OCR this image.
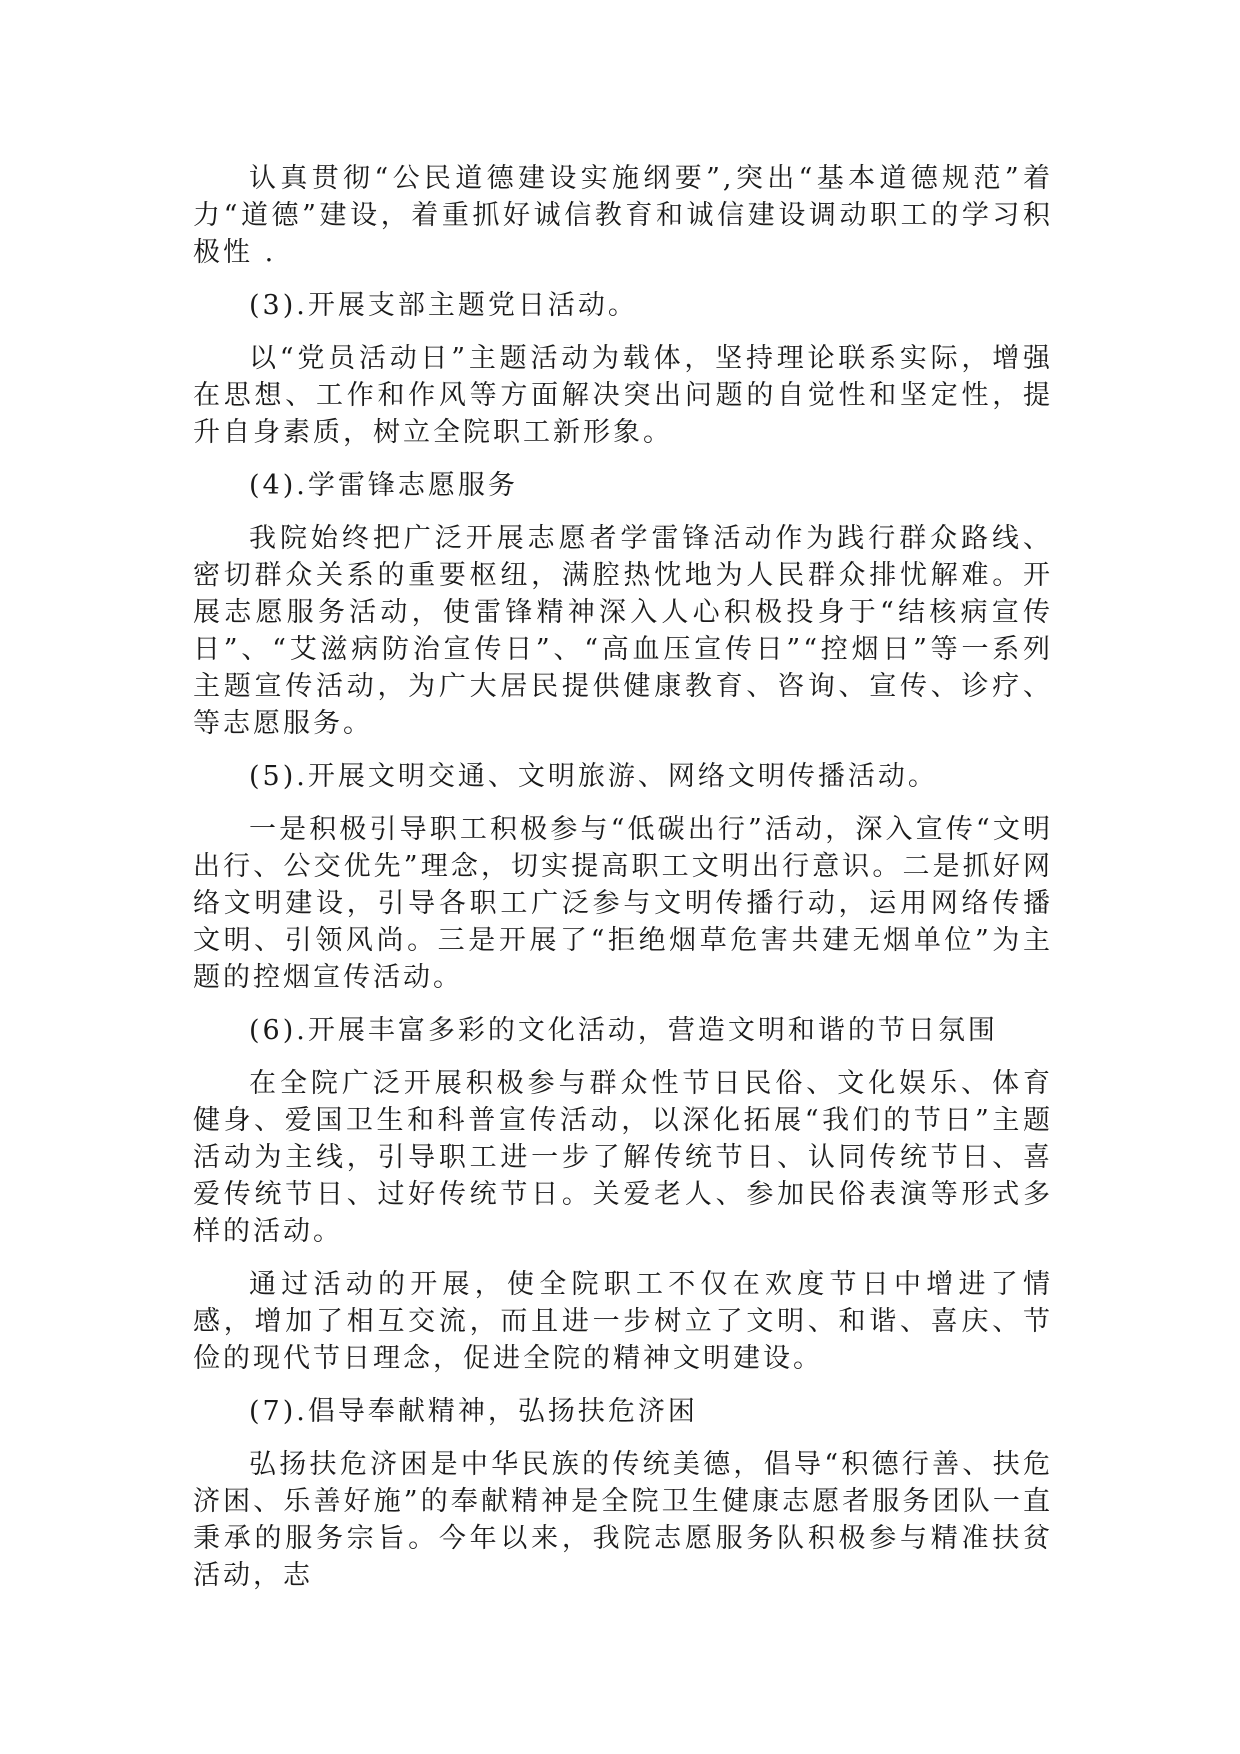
认真贯彻“公民道德建设实施纲要”,突出“基本道德规范”着力“道德”建设，着重抓好诚信教育和诚信建设调动职工的学习积极性 .

(3).开展支部主题党日活动。

以“党员活动日”主题活动为载体，坚持理论联系实际，增强在思想、工作和作风等方面解决突出问题的自觉性和坚定性，提升自身素质，树立全院职工新形象。

(4).学雷锋志愿服务

我院始终把广泛开展志愿者学雷锋活动作为践行群众路线、密切群众关系的重要枢纽，满腔热忱地为人民群众排忧解难。开展志愿服务活动，使雷锋精神深入人心积极投身于“结核病宣传日”、“艾滋病防治宣传日”、“高血压宣传日”“控烟日”等一系列主题宣传活动，为广大居民提供健康教育、咨询、宣传、诊疗、等志愿服务。

(5).开展文明交通、文明旅游、网络文明传播活动。

一是积极引导职工积极参与“低碳出行”活动，深入宣传“文明出行、公交优先”理念，切实提高职工文明出行意识。二是抓好网络文明建设，引导各职工广泛参与文明传播行动，运用网络传播文明、引领风尚。三是开展了“拒绝烟草危害共建无烟单位”为主题的控烟宣传活动。

(6).开展丰富多彩的文化活动，营造文明和谐的节日氛围

在全院广泛开展积极参与群众性节日民俗、文化娱乐、体育健身、爱国卫生和科普宣传活动，以深化拓展“我们的节日”主题活动为主线，引导职工进一步了解传统节日、认同传统节日、喜爱传统节日、过好传统节日。关爱老人、参加民俗表演等形式多样的活动。

通过活动的开展，使全院职工不仅在欢度节日中增进了情感，增加了相互交流，而且进一步树立了文明、和谐、喜庆、节俭的现代节日理念，促进全院的精神文明建设。

(7).倡导奉献精神，弘扬扶危济困

弘扬扶危济困是中华民族的传统美德，倡导“积德行善、扶危济困、乐善好施”的奉献精神是全院卫生健康志愿者服务团队一直秉承的服务宗旨。今年以来，我院志愿服务队积极参与精准扶贫活动，志
